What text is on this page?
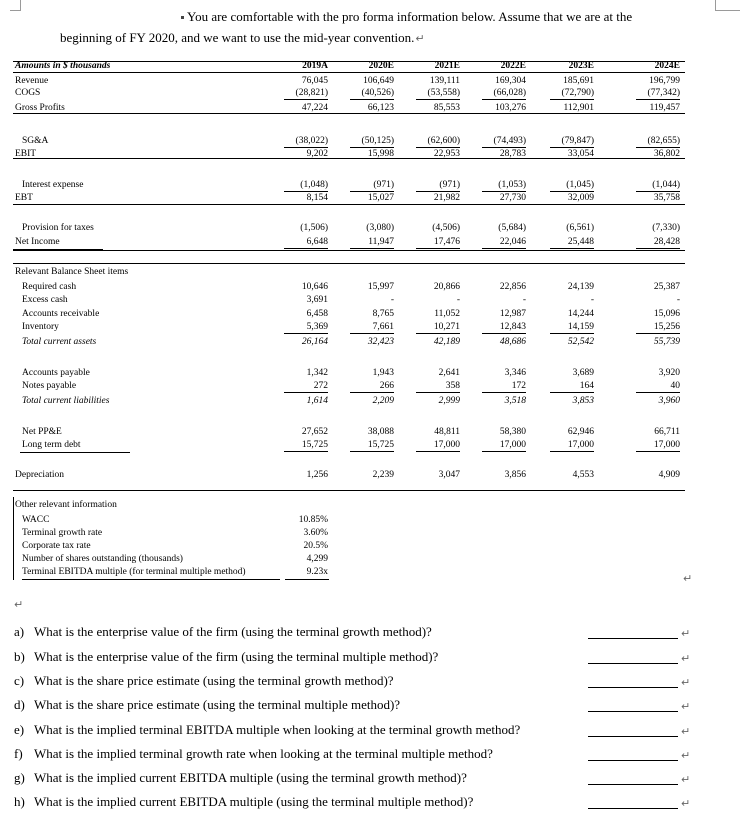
You are comfortable with the pro forma information below. Assume that we are at the
beginning of FY 2020, and we want to use the mid-year convention.↵
Amounts in $ thousands	2019A	2020E	2021E	2022E	2023E	2024E
Revenue	76,045	106,649	139,111	169,304	185,691	196,799
COGS	(28,821)	(40,526)	(53,558)	(66,028)	(72,790)	(77,342)
Gross Profits	47,224	66,123	85,553	103,276	112,901	119,457
SG&A	(38,022)	(50,125)	(62,600)	(74,493)	(79,847)	(82,655)
EBIT	9,202	15,998	22,953	28,783	33,054	36,802
Interest expense	(1,048)	(971)	(971)	(1,053)	(1,045)	(1,044)
EBT	8,154	15,027	21,982	27,730	32,009	35,758
Provision for taxes	(1,506)	(3,080)	(4,506)	(5,684)	(6,561)	(7,330)
Net Income	6,648	11,947	17,476	22,046	25,448	28,428
Relevant Balance Sheet items
Required cash	10,646	15,997	20,866	22,856	24,139	25,387
Excess cash	3,691	-	-	-	-	-
Accounts receivable	6,458	8,765	11,052	12,987	14,244	15,096
Inventory	5,369	7,661	10,271	12,843	14,159	15,256
Total current assets	26,164	32,423	42,189	48,686	52,542	55,739
Accounts payable	1,342	1,943	2,641	3,346	3,689	3,920
Notes payable	272	266	358	172	164	40
Total current liabilities	1,614	2,209	2,999	3,518	3,853	3,960
Net PP&E	27,652	38,088	48,811	58,380	62,946	66,711
Long term debt	15,725	15,725	17,000	17,000	17,000	17,000
Depreciation	1,256	2,239	3,047	3,856	4,553	4,909
Other relevant information
WACC	10.85%
Terminal growth rate	3.60%
Corporate tax rate	20.5%
Number of shares outstanding (thousands)	4,299
Terminal EBITDA multiple (for terminal multiple method)	9.23x	↵
↵
a) What is the enterprise value of the firm (using the terminal growth method)?	↵
b) What is the enterprise value of the firm (using the terminal multiple method)?	↵
c) What is the share price estimate (using the terminal growth method)?	↵
d) What is the share price estimate (using the terminal multiple method)?	↵
e) What is the implied terminal EBITDA multiple when looking at the terminal growth method?	↵
f) What is the implied terminal growth rate when looking at the terminal multiple method?	↵
g) What is the implied current EBITDA multiple (using the terminal growth method)?	↵
h) What is the implied current EBITDA multiple (using the terminal multiple method)?	↵
